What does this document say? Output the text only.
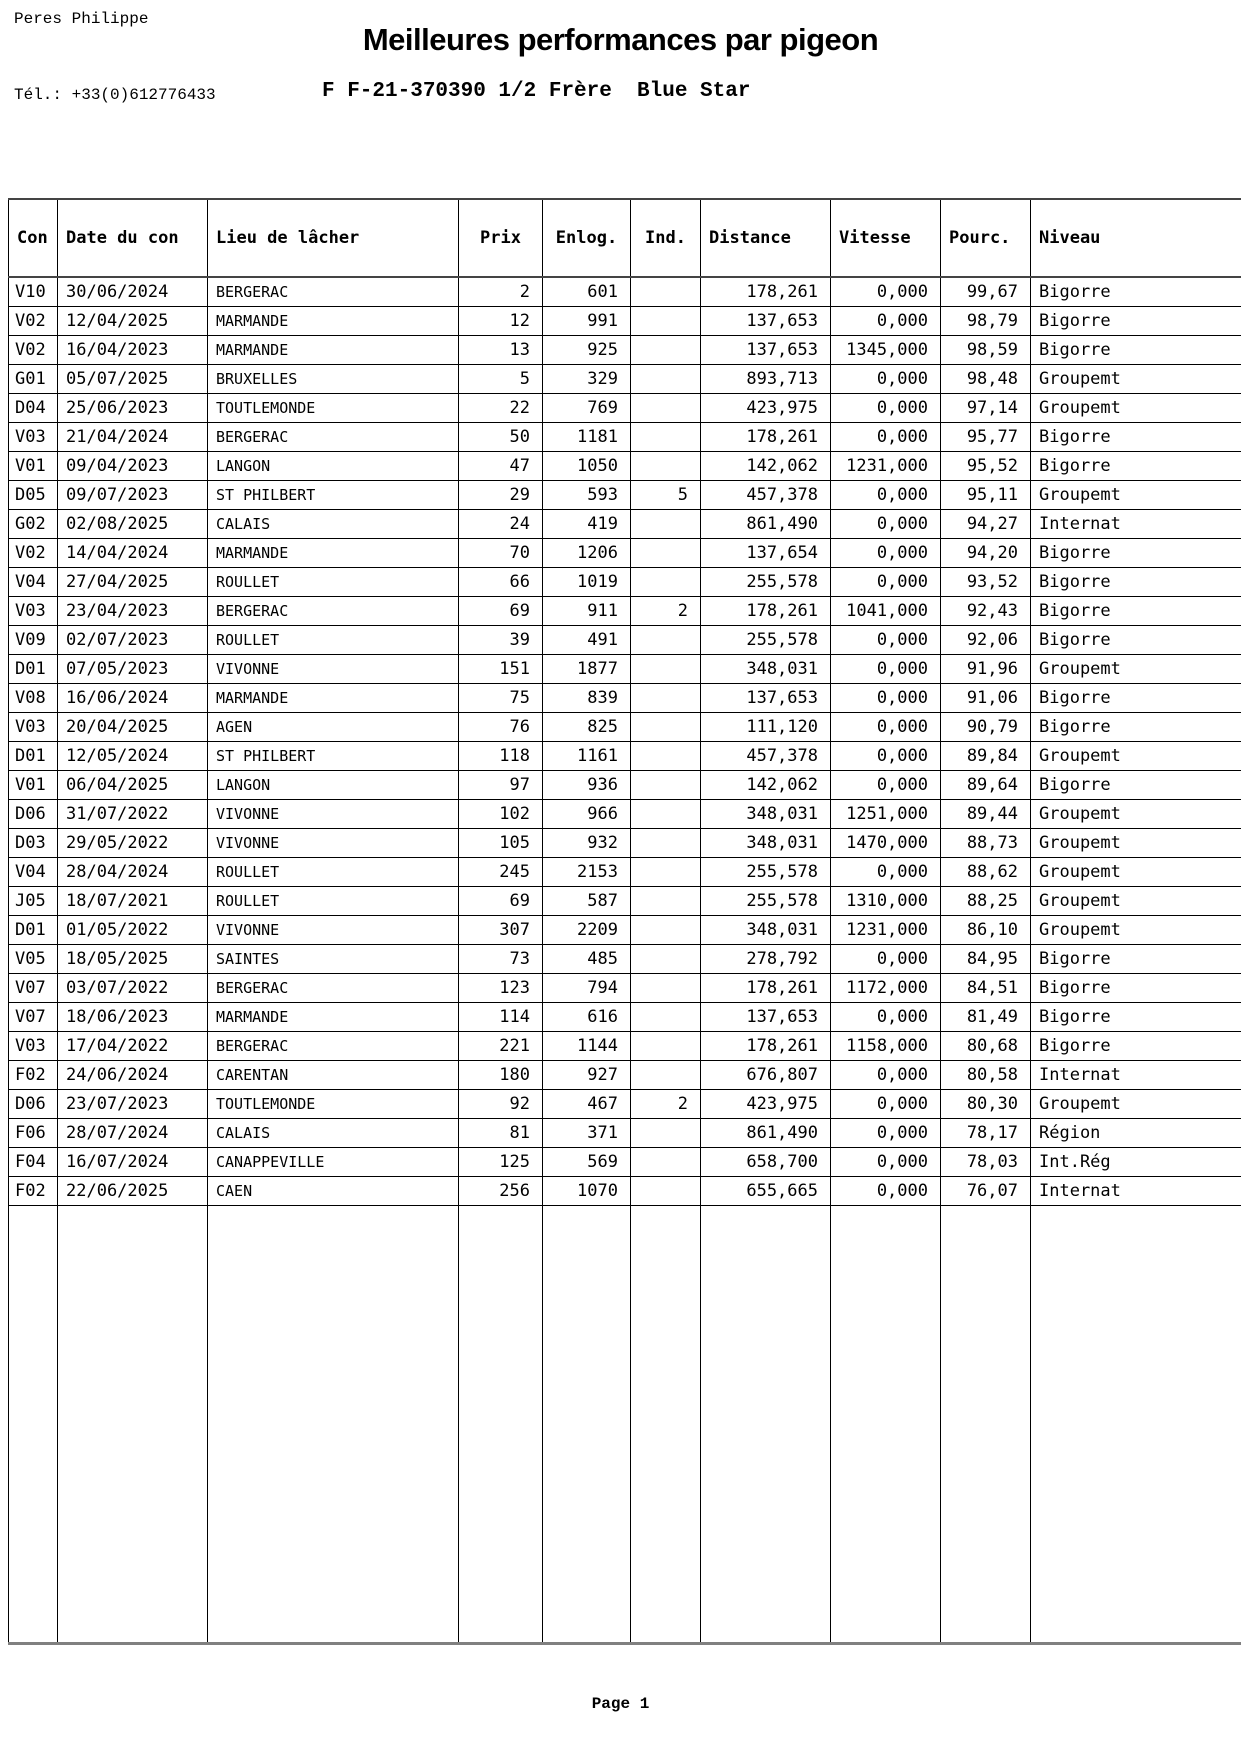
Peres Philippe
Meilleures performances par pigeon
Tél.: +33(0)612776433	F F-21-370390 1/2 Frère  Blue Star
Con	Date du con	Lieu de lâcher	Prix	Enlog.	Ind.	Distance	Vitesse	Pourc.	Niveau
V10	30/06/2024	BERGERAC	2	601		178,261	0,000	99,67	Bigorre
V02	12/04/2025	MARMANDE	12	991		137,653	0,000	98,79	Bigorre
V02	16/04/2023	MARMANDE	13	925		137,653	1345,000	98,59	Bigorre
G01	05/07/2025	BRUXELLES	5	329		893,713	0,000	98,48	Groupemt
D04	25/06/2023	TOUTLEMONDE	22	769		423,975	0,000	97,14	Groupemt
V03	21/04/2024	BERGERAC	50	1181		178,261	0,000	95,77	Bigorre
V01	09/04/2023	LANGON	47	1050		142,062	1231,000	95,52	Bigorre
D05	09/07/2023	ST PHILBERT	29	593	5	457,378	0,000	95,11	Groupemt
G02	02/08/2025	CALAIS	24	419		861,490	0,000	94,27	Internat
V02	14/04/2024	MARMANDE	70	1206		137,654	0,000	94,20	Bigorre
V04	27/04/2025	ROULLET	66	1019		255,578	0,000	93,52	Bigorre
V03	23/04/2023	BERGERAC	69	911	2	178,261	1041,000	92,43	Bigorre
V09	02/07/2023	ROULLET	39	491		255,578	0,000	92,06	Bigorre
D01	07/05/2023	VIVONNE	151	1877		348,031	0,000	91,96	Groupemt
V08	16/06/2024	MARMANDE	75	839		137,653	0,000	91,06	Bigorre
V03	20/04/2025	AGEN	76	825		111,120	0,000	90,79	Bigorre
D01	12/05/2024	ST PHILBERT	118	1161		457,378	0,000	89,84	Groupemt
V01	06/04/2025	LANGON	97	936		142,062	0,000	89,64	Bigorre
D06	31/07/2022	VIVONNE	102	966		348,031	1251,000	89,44	Groupemt
D03	29/05/2022	VIVONNE	105	932		348,031	1470,000	88,73	Groupemt
V04	28/04/2024	ROULLET	245	2153		255,578	0,000	88,62	Groupemt
J05	18/07/2021	ROULLET	69	587		255,578	1310,000	88,25	Groupemt
D01	01/05/2022	VIVONNE	307	2209		348,031	1231,000	86,10	Groupemt
V05	18/05/2025	SAINTES	73	485		278,792	0,000	84,95	Bigorre
V07	03/07/2022	BERGERAC	123	794		178,261	1172,000	84,51	Bigorre
V07	18/06/2023	MARMANDE	114	616		137,653	0,000	81,49	Bigorre
V03	17/04/2022	BERGERAC	221	1144		178,261	1158,000	80,68	Bigorre
F02	24/06/2024	CARENTAN	180	927		676,807	0,000	80,58	Internat
D06	23/07/2023	TOUTLEMONDE	92	467	2	423,975	0,000	80,30	Groupemt
F06	28/07/2024	CALAIS	81	371		861,490	0,000	78,17	Région
F04	16/07/2024	CANAPPEVILLE	125	569		658,700	0,000	78,03	Int.Rég
F02	22/06/2025	CAEN	256	1070		655,665	0,000	76,07	Internat

Page 1
